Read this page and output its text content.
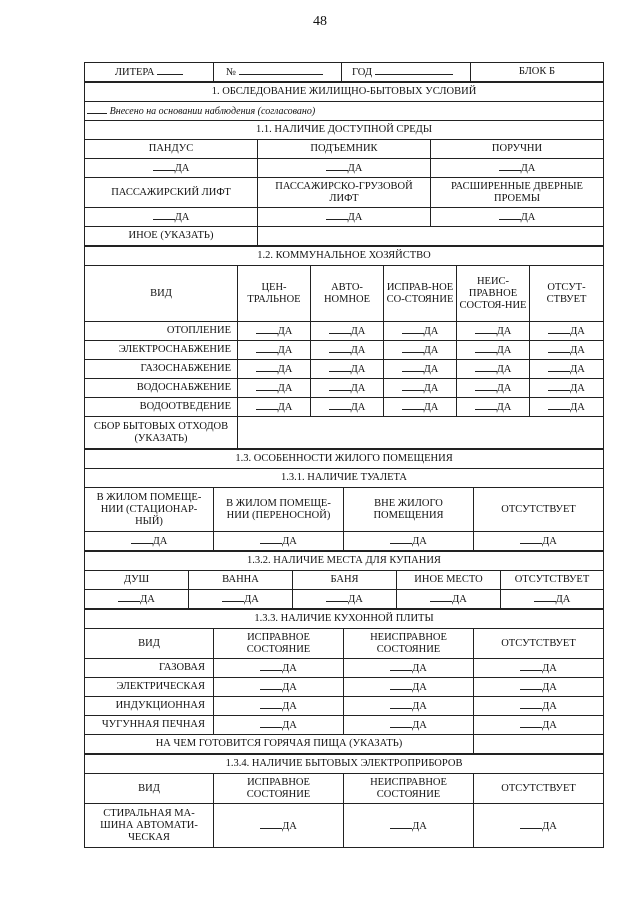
48
ЛИТЕРА	№	ГОД	БЛОК Б
1. ОБСЛЕДОВАНИЕ ЖИЛИЩНО-БЫТОВЫХ УСЛОВИЙ		
Внесено на основании наблюдения (согласовано)		
1.1. НАЛИЧИЕ ДОСТУПНОЙ СРЕДЫ		
ПАНДУС	ПОДЪЕМНИК	ПОРУЧНИ
ДА	ДА	ДА
ПАССАЖИРСКИЙ ЛИФТ	ПАССАЖИРСКО-ГРУЗОВОЙ ЛИФТ	РАСШИРЕННЫЕ ДВЕРНЫЕ ПРОЕМЫ
ДА	ДА	ДА
ИНОЕ (УКАЗАТЬ)		
1.2. КОММУНАЛЬНОЕ ХОЗЯЙСТВО					
ВИД	ЦЕН-ТРАЛЬНОЕ	АВТО-НОМНОЕ	ИСПРАВ-НОЕ СО-СТОЯНИЕ	НЕИС-ПРАВНОЕ СОСТОЯ-НИЕ	ОТСУТ-СТВУЕТ
ОТОПЛЕНИЕ	ДА	ДА	ДА	ДА	ДА
ЭЛЕКТРОСНАБЖЕНИЕ	ДА	ДА	ДА	ДА	ДА
ГАЗОСНАБЖЕНИЕ	ДА	ДА	ДА	ДА	ДА
ВОДОСНАБЖЕНИЕ	ДА	ДА	ДА	ДА	ДА
ВОДООТВЕДЕНИЕ	ДА	ДА	ДА	ДА	ДА
СБОР БЫТОВЫХ ОТХОДОВ (УКАЗАТЬ)					
1.3. ОСОБЕННОСТИ ЖИЛОГО ПОМЕЩЕНИЯ			
1.3.1. НАЛИЧИЕ ТУАЛЕТА			
В ЖИЛОМ ПОМЕЩЕ-НИИ (СТАЦИОНАР-НЫЙ)	В ЖИЛОМ ПОМЕЩЕ-НИИ (ПЕРЕНОСНОЙ)	ВНЕ ЖИЛОГО ПОМЕЩЕНИЯ	ОТСУТСТВУЕТ
ДА	ДА	ДА	ДА
1.3.2. НАЛИЧИЕ МЕСТА ДЛЯ КУПАНИЯ				
ДУШ	ВАННА	БАНЯ	ИНОЕ МЕСТО	ОТСУТСТВУЕТ
ДА	ДА	ДА	ДА	ДА
1.3.3. НАЛИЧИЕ КУХОННОЙ ПЛИТЫ			
ВИД	ИСПРАВНОЕ СОСТОЯНИЕ	НЕИСПРАВНОЕ СОСТОЯНИЕ	ОТСУТСТВУЕТ
ГАЗОВАЯ	ДА	ДА	ДА
ЭЛЕКТРИЧЕСКАЯ	ДА	ДА	ДА
ИНДУКЦИОННАЯ	ДА	ДА	ДА
ЧУГУННАЯ ПЕЧНАЯ	ДА	ДА	ДА
НА ЧЕМ ГОТОВИТСЯ ГОРЯЧАЯ ПИЩА (УКАЗАТЬ)			
1.3.4. НАЛИЧИЕ БЫТОВЫХ ЭЛЕКТРОПРИБОРОВ			
ВИД	ИСПРАВНОЕ СОСТОЯНИЕ	НЕИСПРАВНОЕ СОСТОЯНИЕ	ОТСУТСТВУЕТ
СТИРАЛЬНАЯ МА-ШИНА АВТОМАТИ-ЧЕСКАЯ	ДА	ДА	ДА
